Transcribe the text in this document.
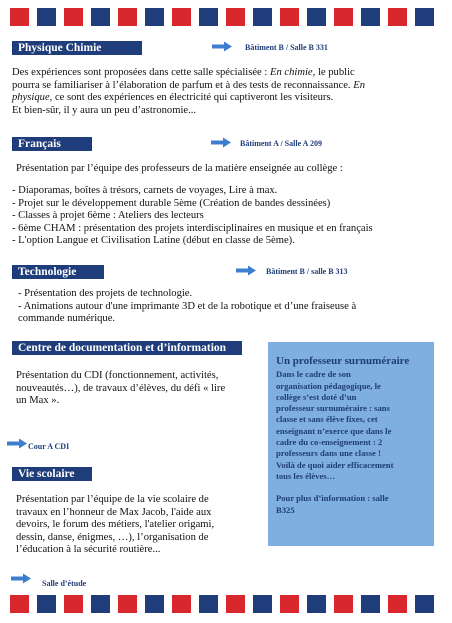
Physique Chimie	Bâtiment B / Salle B 331

Des expériences sont proposées dans cette salle spécialisée : En chimie, le public

pourra se familiariser à l’élaboration de parfum et à des tests de reconnaissance. En

physique, ce sont des expériences en électricité qui captiveront les visiteurs.

Et bien-sûr, il y aura un peu d’astronomie...

Français	Bâtiment A / Salle A 209
Présentation par l’équipe des professeurs de la matière enseignée au collège :

- Diaporamas, boîtes à trésors, carnets de voyages, Lire à max.

- Projet sur le développement durable 5ème (Création de bandes dessinées)

- Classes à projet 6ème : Ateliers des lecteurs

- 6ème CHAM : présentation des projets interdisciplinaires en musique et en français

- L'option Langue et Civilisation Latine (début en classe de 5ème).

Technologie	Bâtiment B / salle B 313

- Présentation des projets de technologie.

- Animations autour d'une imprimante 3D et de la robotique et d’une fraiseuse à

commande numérique.

Centre de documentation et d’information

Présentation du CDI (fonctionnement, activités,

nouveautés…), de travaux d’élèves, du défi « lire

un Max ».

Cour A CDI
Vie scolaire

Présentation par l’équipe de la vie scolaire de

travaux en l’honneur de Max Jacob, l'aide aux

devoirs, le forum des métiers, l'atelier origami,

dessin, danse, énigmes, …), l’organisation de

l’éducation à la sécurité routière...

Salle d’étude
Un professeur surnuméraire

Dans le cadre de son

organisation pédagogique, le

collège s’est doté d’un

professeur surnuméraire : sans

classe et sans élève fixes, cet

enseignant n’exerce que dans le

cadre du co-enseignement : 2

professeurs dans une classe !

Voilà de quoi aider efficacement

tous les élèves…

Pour plus d’information : salle

B325
